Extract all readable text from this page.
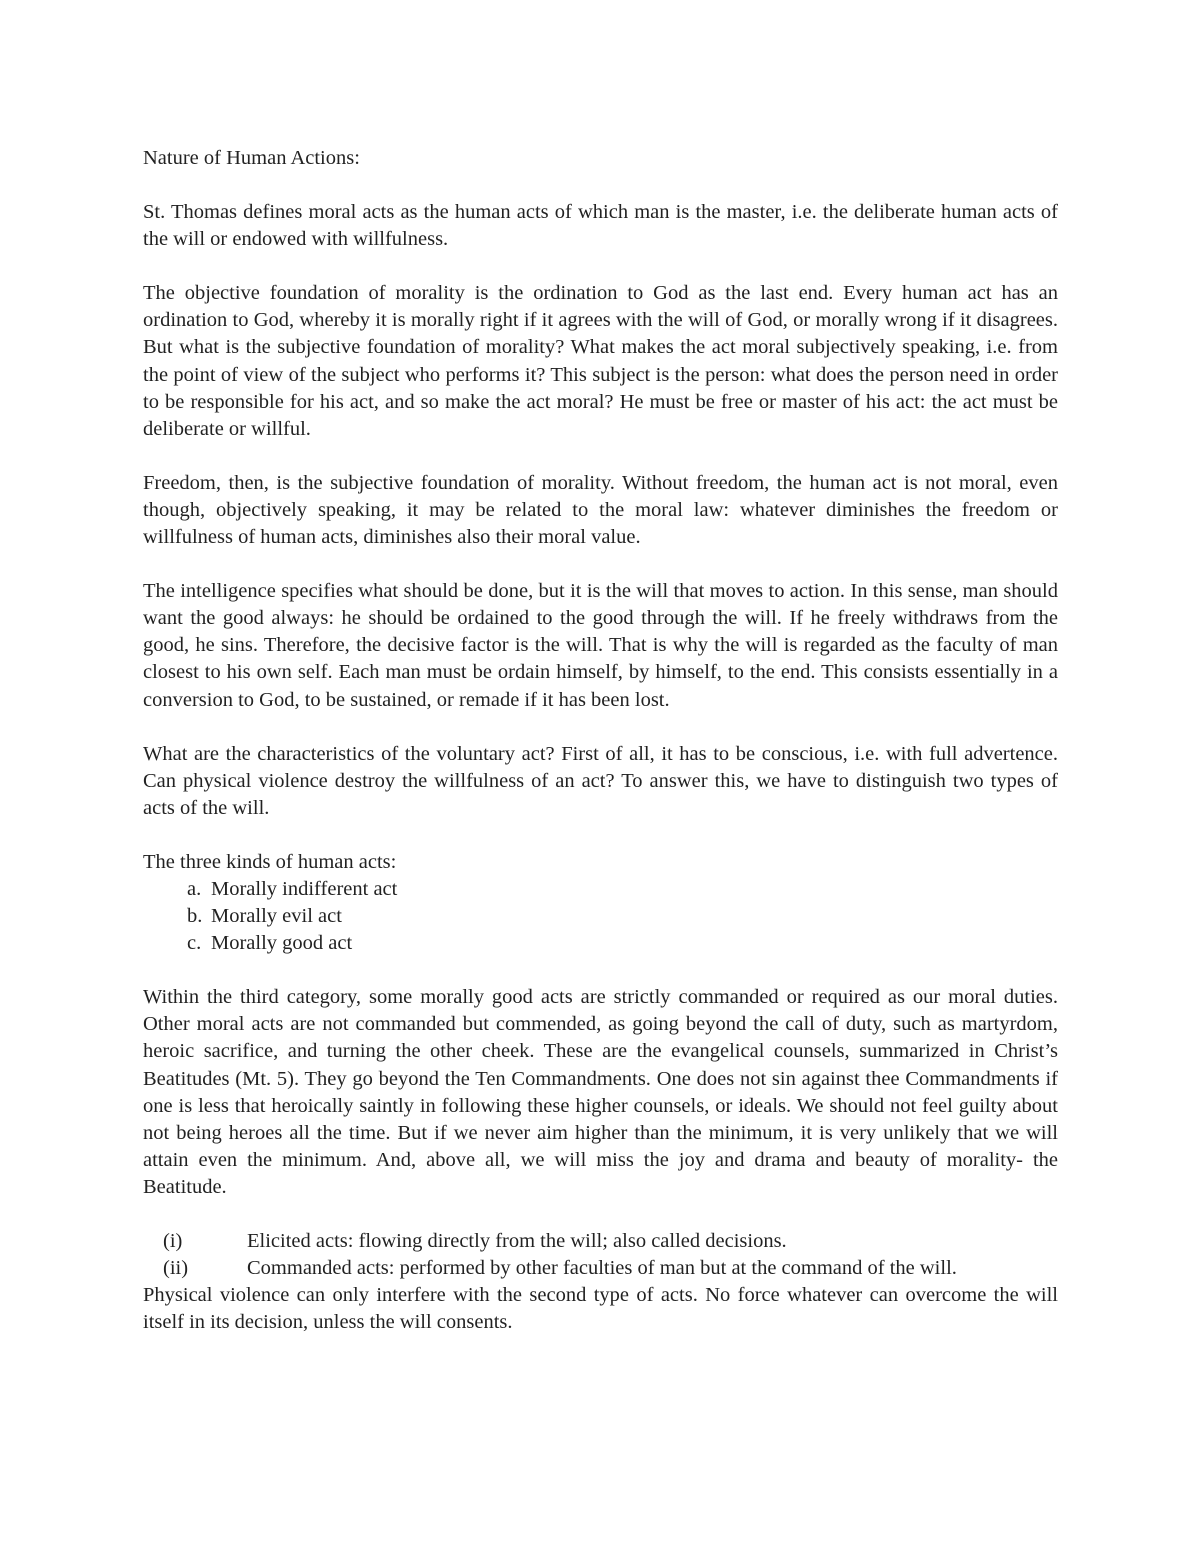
Nature of Human Actions:

St. Thomas defines moral acts as the human acts of which man is the master, i.e. the deliberate human acts of the will or endowed with willfulness.

The objective foundation of morality is the ordination to God as the last end. Every human act has an ordination to God, whereby it is morally right if it agrees with the will of God, or morally wrong if it disagrees. But what is the subjective foundation of morality? What makes the act moral subjectively speaking, i.e. from the point of view of the subject who performs it? This subject is the person: what does the person need in order to be responsible for his act, and so make the act moral? He must be free or master of his act: the act must be deliberate or willful.

Freedom, then, is the subjective foundation of morality. Without freedom, the human act is not moral, even though, objectively speaking, it may be related to the moral law: whatever diminishes the freedom or willfulness of human acts, diminishes also their moral value.

The intelligence specifies what should be done, but it is the will that moves to action. In this sense, man should want the good always: he should be ordained to the good through the will. If he freely withdraws from the good, he sins. Therefore, the decisive factor is the will. That is why the will is regarded as the faculty of man closest to his own self. Each man must be ordain himself, by himself, to the end. This consists essentially in a conversion to God, to be sustained, or remade if it has been lost.

What are the characteristics of the voluntary act? First of all, it has to be conscious, i.e. with full advertence. Can physical violence destroy the willfulness of an act? To answer this, we have to distinguish two types of acts of the will.

The three kinds of human acts:

a. Morally indifferent act
b. Morally evil act
c. Morally good act

Within the third category, some morally good acts are strictly commanded or required as our moral duties. Other moral acts are not commanded but commended, as going beyond the call of duty, such as martyrdom, heroic sacrifice, and turning the other cheek. These are the evangelical counsels, summarized in Christ’s Beatitudes (Mt. 5). They go beyond the Ten Commandments. One does not sin against thee Commandments if one is less that heroically saintly in following these higher counsels, or ideals. We should not feel guilty about not being heroes all the time. But if we never aim higher than the minimum, it is very unlikely that we will attain even the minimum. And, above all, we will miss the joy and drama and beauty of morality- the Beatitude.

(i)	Elicited acts: flowing directly from the will; also called decisions.
(ii)	Commanded acts: performed by other faculties of man but at the command of the will.

Physical violence can only interfere with the second type of acts. No force whatever can overcome the will itself in its decision, unless the will consents.
